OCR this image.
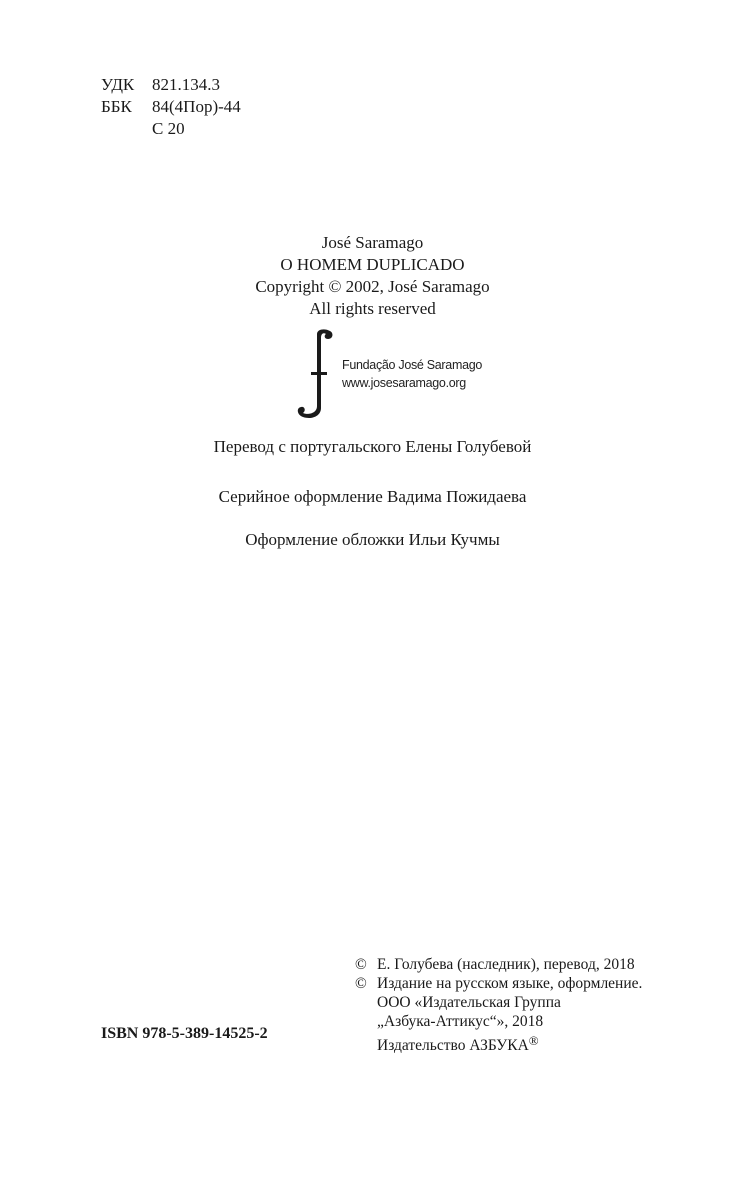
УДК	821.134.3
ББК	84(4Пор)-44
С 20
José Saramago
O HOMEM DUPLICADO
Copyright © 2002, José Saramago
All rights reserved
Fundação José Saramago
www.josesaramago.org
Перевод с португальского Елены Голубевой
Серийное оформление Вадима Пожидаева
Оформление обложки Ильи Кучмы
ISBN 978-5-389-14525-2
© Е. Голубева (наследник), перевод, 2018
© Издание на русском языке, оформление.
ООО «Издательская Группа
„Азбука-Аттикус“», 2018
Издательство АЗБУКА®
